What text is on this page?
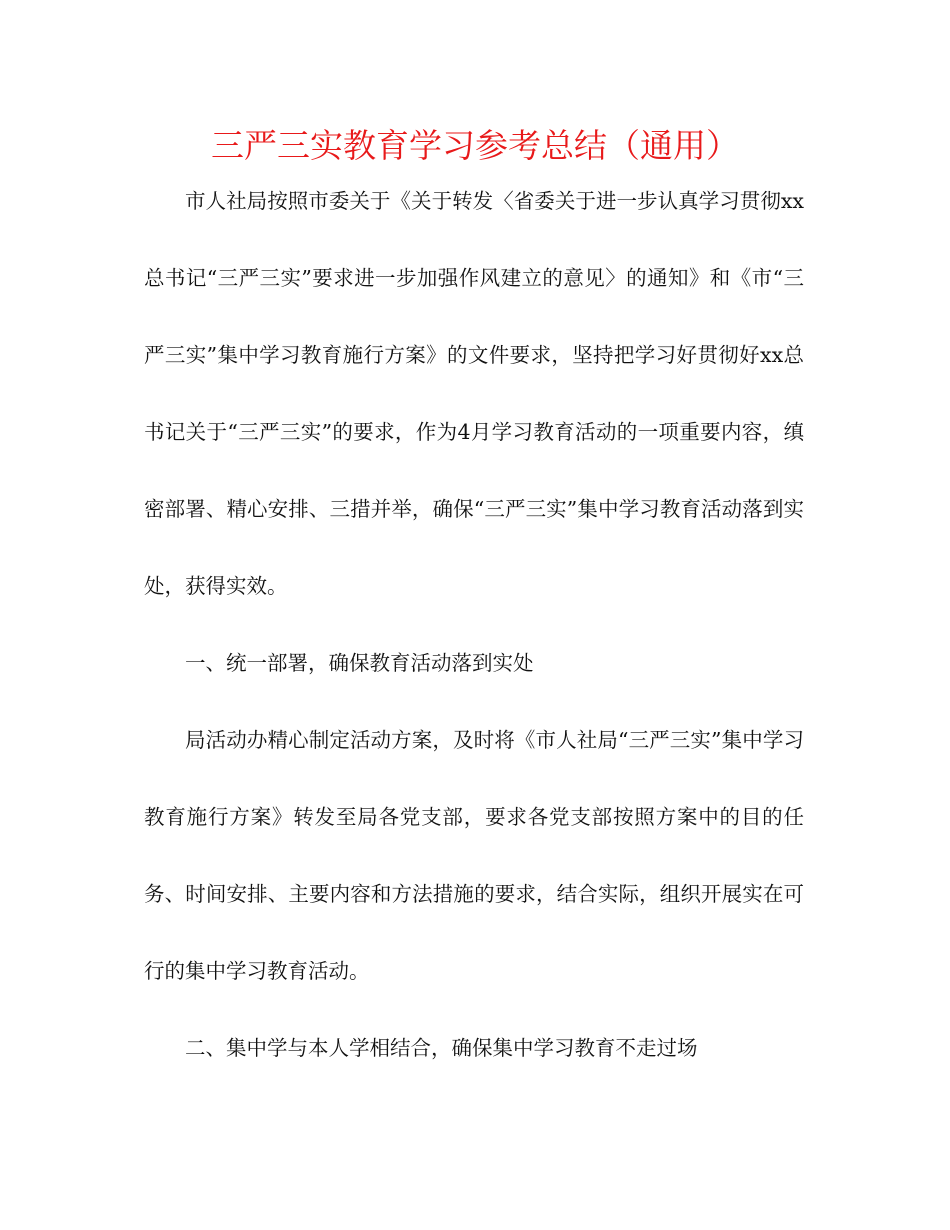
三严三实教育学习参考总结（通用）

市人社局按照市委关于《关于转发〈省委关于进一步认真学习贯彻xx总书记“三严三实”要求进一步加强作风建立的意见〉的通知》和《市“三严三实”集中学习教育施行方案》的文件要求，坚持把学习好贯彻好xx总书记关于“三严三实”的要求，作为4月学习教育活动的一项重要内容，缜密部署、精心安排、三措并举，确保“三严三实”集中学习教育活动落到实处，获得实效。

一、统一部署，确保教育活动落到实处

局活动办精心制定活动方案，及时将《市人社局“三严三实”集中学习教育施行方案》转发至局各党支部，要求各党支部按照方案中的目的任务、时间安排、主要内容和方法措施的要求，结合实际，组织开展实在可行的集中学习教育活动。

二、集中学与本人学相结合，确保集中学习教育不走过场
